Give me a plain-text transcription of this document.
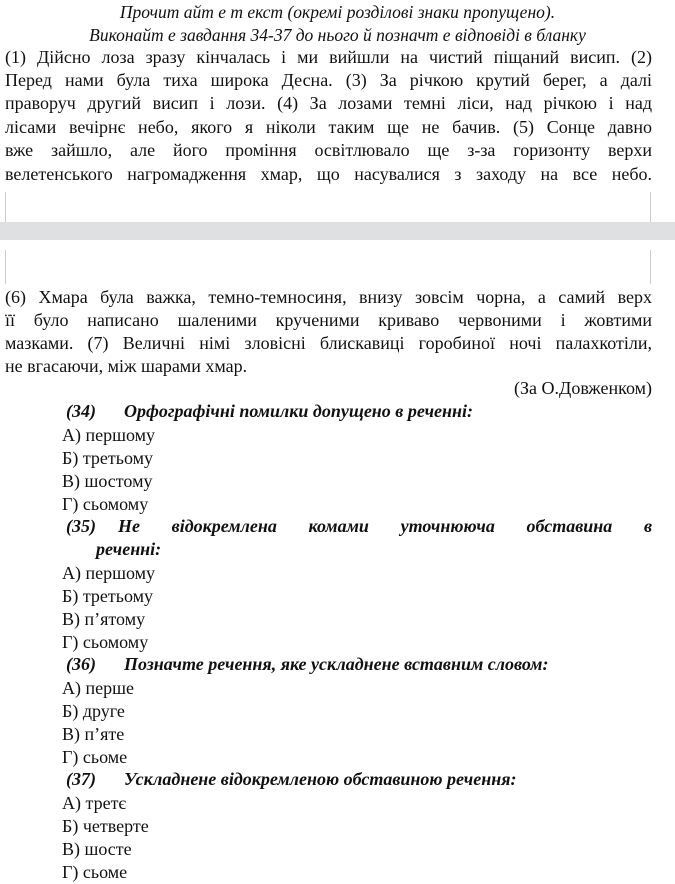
Прочит айт е т екст (окремі розділові знаки пропущено).
Виконайт е завдання 34-37 до нього й позначт е відповіді в бланку
(1) Дійсно лоза зразу кінчалась і ми вийшли на чистий піщаний висип. (2)
Перед нами була тиха широка Десна. (3) За річкою крутий берег, а далі
праворуч другий висип і лози. (4) За лозами темні ліси, над річкою і над
лісами вечірнє небо, якого я ніколи таким ще не бачив. (5) Сонце давно
вже зайшло, але його проміння освітлювало ще з-за горизонту верхи
велетенського нагромадження хмар, що насувалися з заходу на все небо.
(6) Хмара була важка, темно-темносиня, внизу зовсім чорна, а самий верх
її було написано шаленими крученими криваво червоними і жовтими
мазками. (7) Величні німі зловісні блискавиці горобиної ночі палахкотіли,
не вгасаючи, між шарами хмар.
(За О.Довженком)
(34) Орфографічні помилки допущено в реченні:
А) першому
Б) третьому
В) шостому
Г) сьомому
(35) Не відокремлена комами уточнююча обставина в
реченні:
А) першому
Б) третьому
В) п’ятому
Г) сьомому
(36) Позначте речення, яке ускладнене вставним словом:
А) перше
Б) друге
В) п’яте
Г) сьоме
(37) Ускладнене відокремленою обставиною речення:
А) третє
Б) четверте
В) шосте
Г) сьоме
